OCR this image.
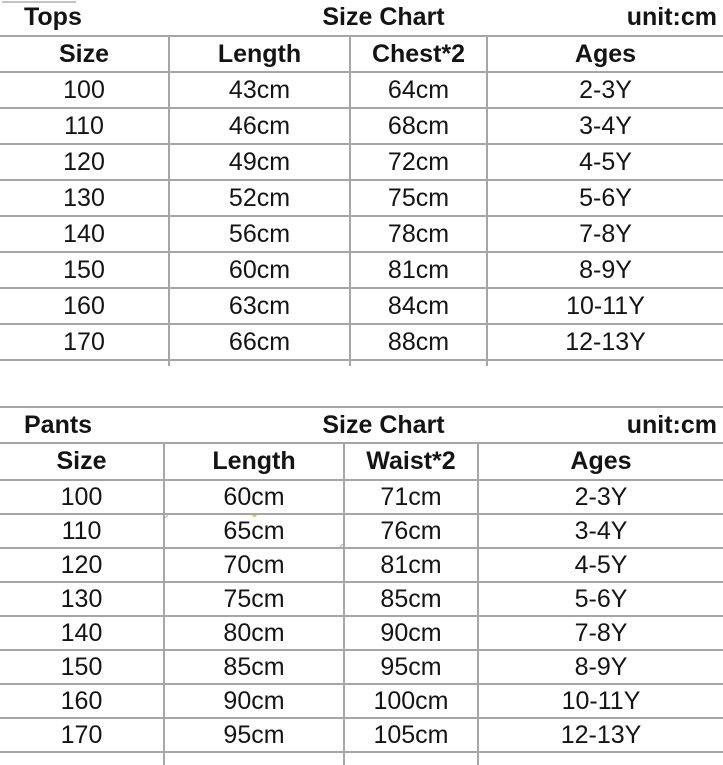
Tops	Size Chart	unit:cm
Size	Length	Chest*2	Ages
100	43cm	64cm	2-3Y
110	46cm	68cm	3-4Y
120	49cm	72cm	4-5Y
130	52cm	75cm	5-6Y
140	56cm	78cm	7-8Y
150	60cm	81cm	8-9Y
160	63cm	84cm	10-11Y
170	66cm	88cm	12-13Y
Pants	Size Chart	unit:cm
Size	Length	Waist*2	Ages
100	60cm	71cm	2-3Y
110	65cm	76cm	3-4Y
120	70cm	81cm	4-5Y
130	75cm	85cm	5-6Y
140	80cm	90cm	7-8Y
150	85cm	95cm	8-9Y
160	90cm	100cm	10-11Y
170	95cm	105cm	12-13Y
